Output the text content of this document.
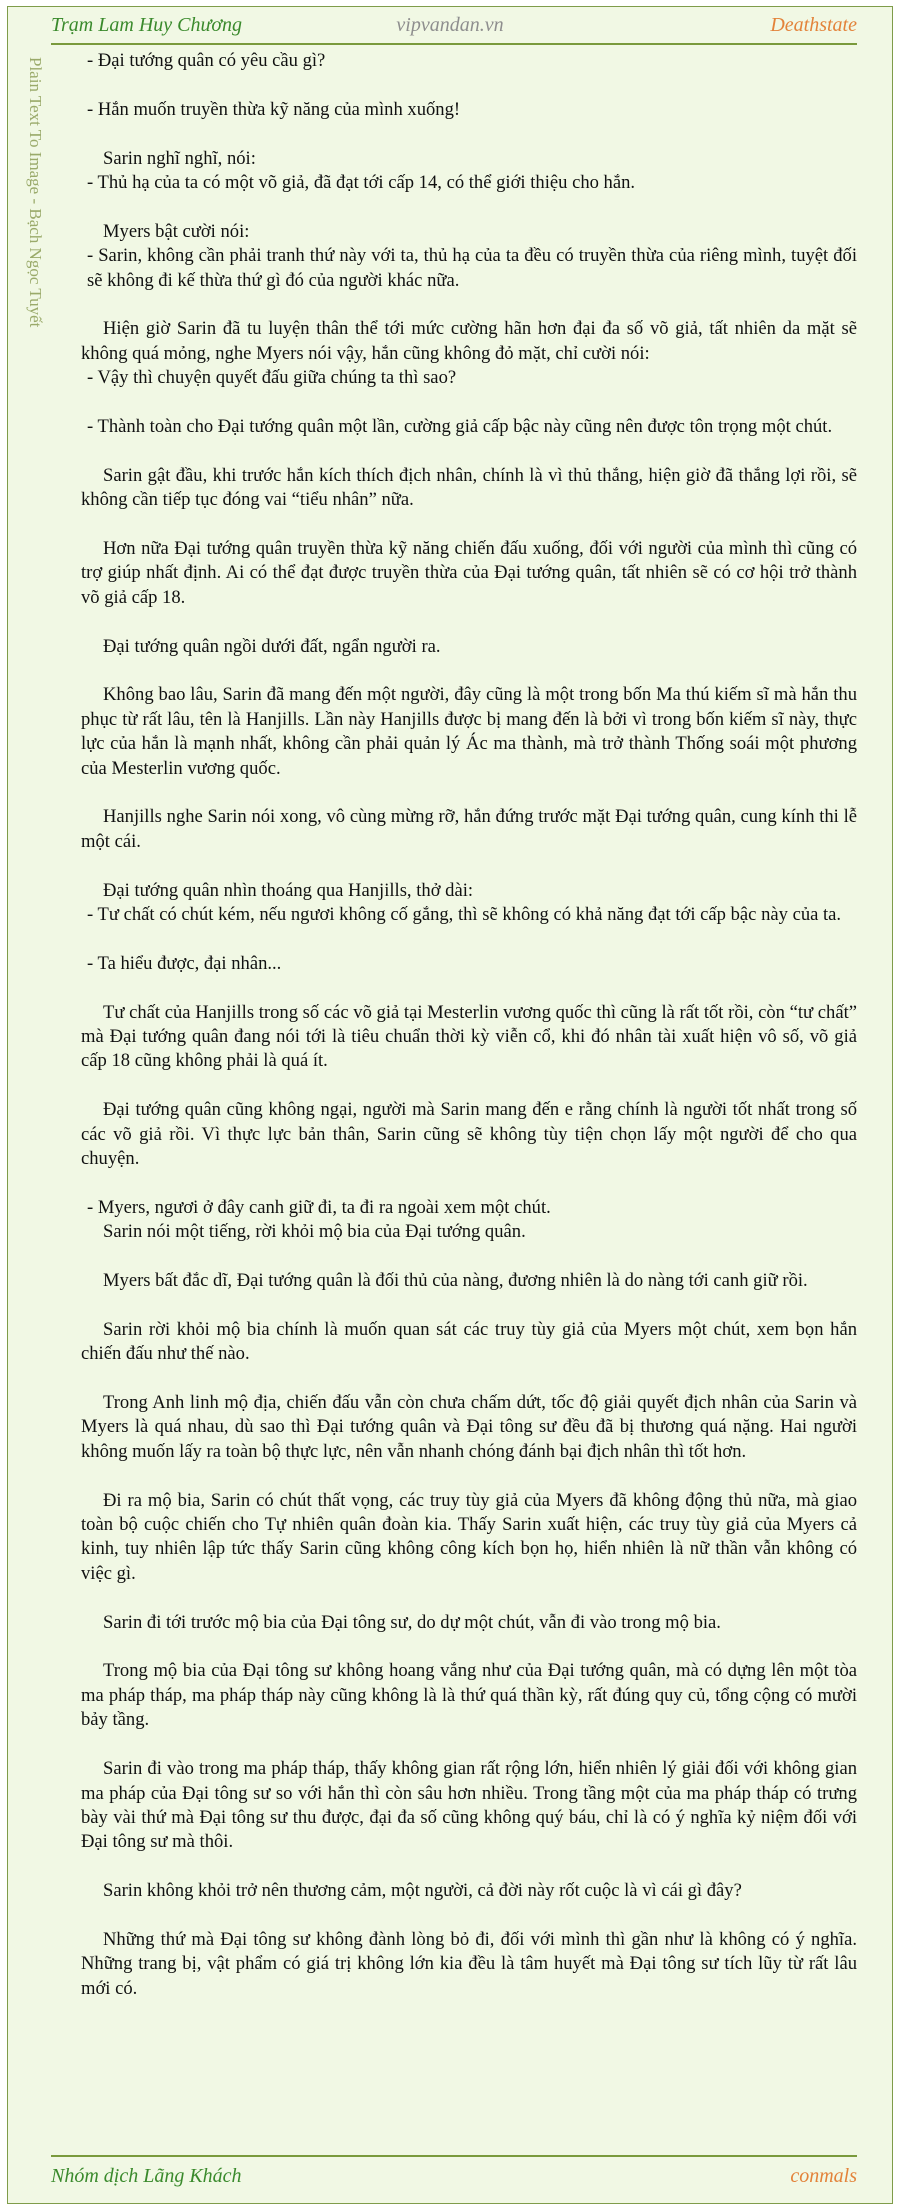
Trạm Lam Huy Chương	vipvandan.vn	Deathstate
Plain Text To Image - Bạch Ngọc Tuyết	- Đại tướng quân có yêu cầu gì?

- Hắn muốn truyền thừa kỹ năng của mình xuống!

Sarin nghĩ nghĩ, nói:

- Thủ hạ của ta có một võ giả, đã đạt tới cấp 14, có thể giới thiệu cho hắn.

Myers bật cười nói:

- Sarin, không cần phải tranh thứ này với ta, thủ hạ của ta đều có truyền thừa của riêng mình, tuyệt đối sẽ không đi kế thừa thứ gì đó của người khác nữa.

Hiện giờ Sarin đã tu luyện thân thể tới mức cường hãn hơn đại đa số võ giả, tất nhiên da mặt sẽ không quá mỏng, nghe Myers nói vậy, hắn cũng không đỏ mặt, chỉ cười nói:

- Vậy thì chuyện quyết đấu giữa chúng ta thì sao?

- Thành toàn cho Đại tướng quân một lần, cường giả cấp bậc này cũng nên được tôn trọng một chút.

Sarin gật đầu, khi trước hắn kích thích địch nhân, chính là vì thủ thắng, hiện giờ đã thắng lợi rồi, sẽ không cần tiếp tục đóng vai “tiểu nhân” nữa.

Hơn nữa Đại tướng quân truyền thừa kỹ năng chiến đấu xuống, đối với người của mình thì cũng có trợ giúp nhất định. Ai có thể đạt được truyền thừa của Đại tướng quân, tất nhiên sẽ có cơ hội trở thành võ giả cấp 18.

Đại tướng quân ngồi dưới đất, ngẩn người ra.

Không bao lâu, Sarin đã mang đến một người, đây cũng là một trong bốn Ma thú kiếm sĩ mà hắn thu phục từ rất lâu, tên là Hanjills. Lần này Hanjills được bị mang đến là bởi vì trong bốn kiếm sĩ này, thực lực của hắn là mạnh nhất, không cần phải quản lý Ác ma thành, mà trở thành Thống soái một phương của Mesterlin vương quốc.

Hanjills nghe Sarin nói xong, vô cùng mừng rỡ, hắn đứng trước mặt Đại tướng quân, cung kính thi lễ một cái.

Đại tướng quân nhìn thoáng qua Hanjills, thở dài:

- Tư chất có chút kém, nếu ngươi không cố gắng, thì sẽ không có khả năng đạt tới cấp bậc này của ta.

- Ta hiểu được, đại nhân...

Tư chất của Hanjills trong số các võ giả tại Mesterlin vương quốc thì cũng là rất tốt rồi, còn “tư chất” mà Đại tướng quân đang nói tới là tiêu chuẩn thời kỳ viễn cổ, khi đó nhân tài xuất hiện vô số, võ giả cấp 18 cũng không phải là quá ít.

Đại tướng quân cũng không ngại, người mà Sarin mang đến e rằng chính là người tốt nhất trong số các võ giả rồi. Vì thực lực bản thân, Sarin cũng sẽ không tùy tiện chọn lấy một người để cho qua chuyện.

- Myers, ngươi ở đây canh giữ đi, ta đi ra ngoài xem một chút.

Sarin nói một tiếng, rời khỏi mộ bia của Đại tướng quân.

Myers bất đắc dĩ, Đại tướng quân là đối thủ của nàng, đương nhiên là do nàng tới canh giữ rồi.

Sarin rời khỏi mộ bia chính là muốn quan sát các truy tùy giả của Myers một chút, xem bọn hắn chiến đấu như thế nào.

Trong Anh linh mộ địa, chiến đấu vẫn còn chưa chấm dứt, tốc độ giải quyết địch nhân của Sarin và Myers là quá nhau, dù sao thì Đại tướng quân và Đại tông sư đều đã bị thương quá nặng. Hai người không muốn lấy ra toàn bộ thực lực, nên vẫn nhanh chóng đánh bại địch nhân thì tốt hơn.

Đi ra mộ bia, Sarin có chút thất vọng, các truy tùy giả của Myers đã không động thủ nữa, mà giao toàn bộ cuộc chiến cho Tự nhiên quân đoàn kia. Thấy Sarin xuất hiện, các truy tùy giả của Myers cả kinh, tuy nhiên lập tức thấy Sarin cũng không công kích bọn họ, hiển nhiên là nữ thần vẫn không có việc gì.

Sarin đi tới trước mộ bia của Đại tông sư, do dự một chút, vẫn đi vào trong mộ bia.

Trong mộ bia của Đại tông sư không hoang vắng như của Đại tướng quân, mà có dựng lên một tòa ma pháp tháp, ma pháp tháp này cũng không là là thứ quá thần kỳ, rất đúng quy củ, tổng cộng có mười bảy tầng.

Sarin đi vào trong ma pháp tháp, thấy không gian rất rộng lớn, hiển nhiên lý giải đối với không gian ma pháp của Đại tông sư so với hắn thì còn sâu hơn nhiều. Trong tầng một của ma pháp tháp có trưng bày vài thứ mà Đại tông sư thu được, đại đa số cũng không quý báu, chỉ là có ý nghĩa kỷ niệm đối với Đại tông sư mà thôi.

Sarin không khỏi trở nên thương cảm, một người, cả đời này rốt cuộc là vì cái gì đây?

Những thứ mà Đại tông sư không đành lòng bỏ đi, đối với mình thì gần như là không có ý nghĩa. Những trang bị, vật phẩm có giá trị không lớn kia đều là tâm huyết mà Đại tông sư tích lũy từ rất lâu mới có.

Nhóm dịch Lãng Khách	conmals
